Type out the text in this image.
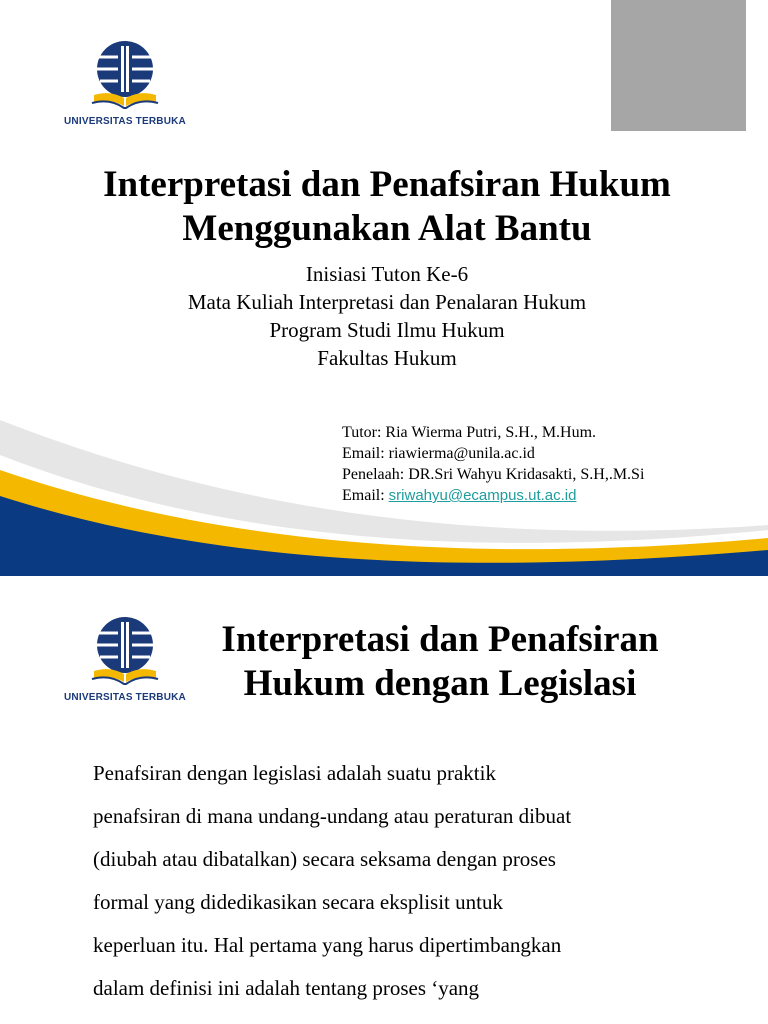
UNIVERSITAS TERBUKA
Interpretasi dan Penafsiran Hukum
Menggunakan Alat Bantu
Inisiasi Tuton Ke-6
Mata Kuliah Interpretasi dan Penalaran Hukum
Program Studi Ilmu Hukum
Fakultas Hukum
Tutor: Ria Wierma Putri, S.H., M.Hum.
Email: riawierma@unila.ac.id
Penelaah: DR.Sri Wahyu Kridasakti, S.H,.M.Si
Email: sriwahyu@ecampus.ut.ac.id
UNIVERSITAS TERBUKA
Interpretasi dan Penafsiran
Hukum dengan Legislasi

Penafsiran dengan legislasi adalah suatu praktik

penafsiran di mana undang-undang atau peraturan dibuat

(diubah atau dibatalkan) secara seksama dengan proses

formal yang didedikasikan secara eksplisit untuk

keperluan itu. Hal pertama yang harus dipertimbangkan

dalam definisi ini adalah tentang proses ‘yang
